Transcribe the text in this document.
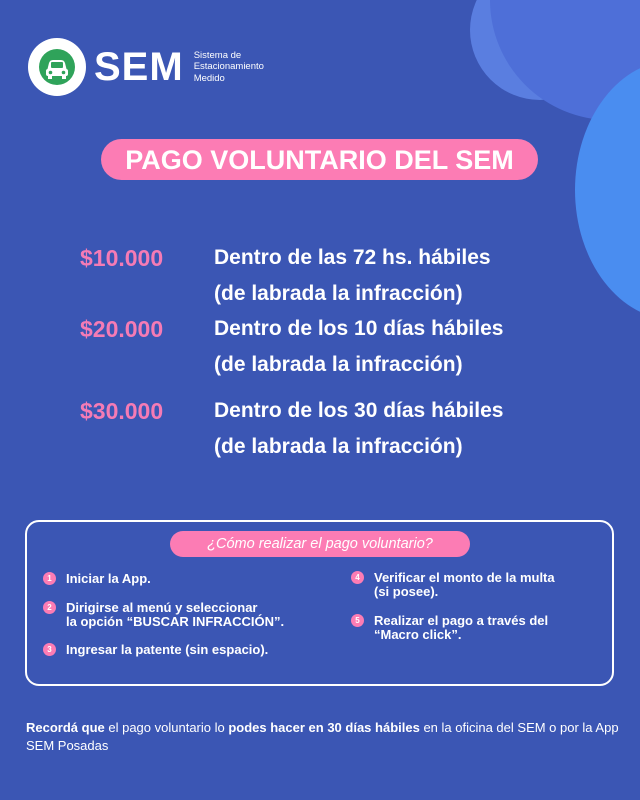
SEM Sistema de
Estacionamiento
Medido
PAGO VOLUNTARIO DEL SEM
$10.000 Dentro de las 72 hs. hábiles
(de labrada la infracción)
$20.000 Dentro de los 10 días hábiles
(de labrada la infracción)
$30.000 Dentro de los 30 días hábiles
(de labrada la infracción)
¿Cómo realizar el pago voluntario?
1	Iniciar la App.
2	Dirigirse al menú y seleccionar
la opción “BUSCAR INFRACCIÓN”.
3	Ingresar la patente (sin espacio).
4	Verificar el monto de la multa
(si posee).
5	Realizar el pago a través del
“Macro click”.
Recordá que el pago voluntario lo podes hacer en 30 días hábiles en la oficina del SEM o por la App SEM Posadas
